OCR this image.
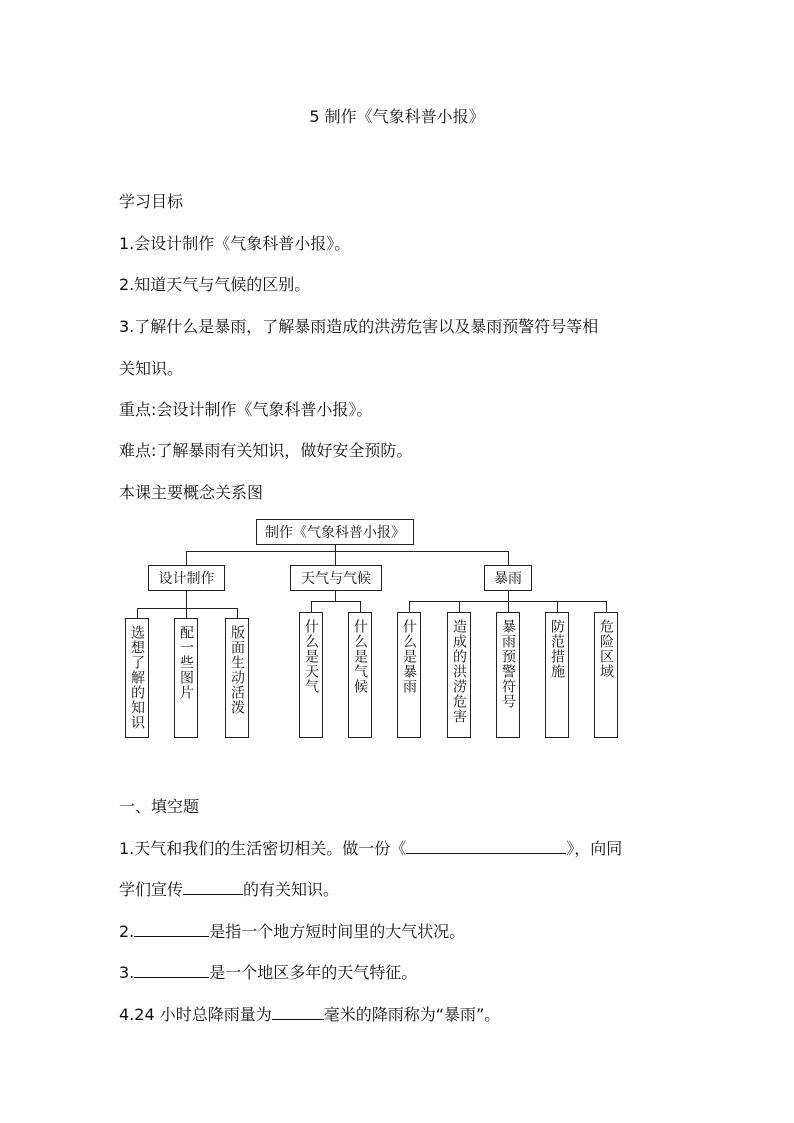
5 制作《气象科普小报》
学习目标
1.会设计制作《气象科普小报》。
2.知道天气与气候的区别。
3.了解什么是暴雨，了解暴雨造成的洪涝危害以及暴雨预警符号等相
关知识。
重点:会设计制作《气象科普小报》。
难点:了解暴雨有关知识，做好安全预防。
本课主要概念关系图
制作《气象科普小报》
设计制作	天气与气候	暴雨
选想了解的知识 配一些图片	版面生动活泼	什么是天气 什么是气候 什么是暴雨 造成的洪涝危害 暴雨预警符号 防范措施 危险区域
一、填空题
1.天气和我们的生活密切相关。做一份《	》，向同
学们宣传	的有关知识。
2.	是指一个地方短时间里的大气状况。
3.	是一个地区多年的天气特征。
4.24 小时总降雨量为	毫米的降雨称为“暴雨”。
